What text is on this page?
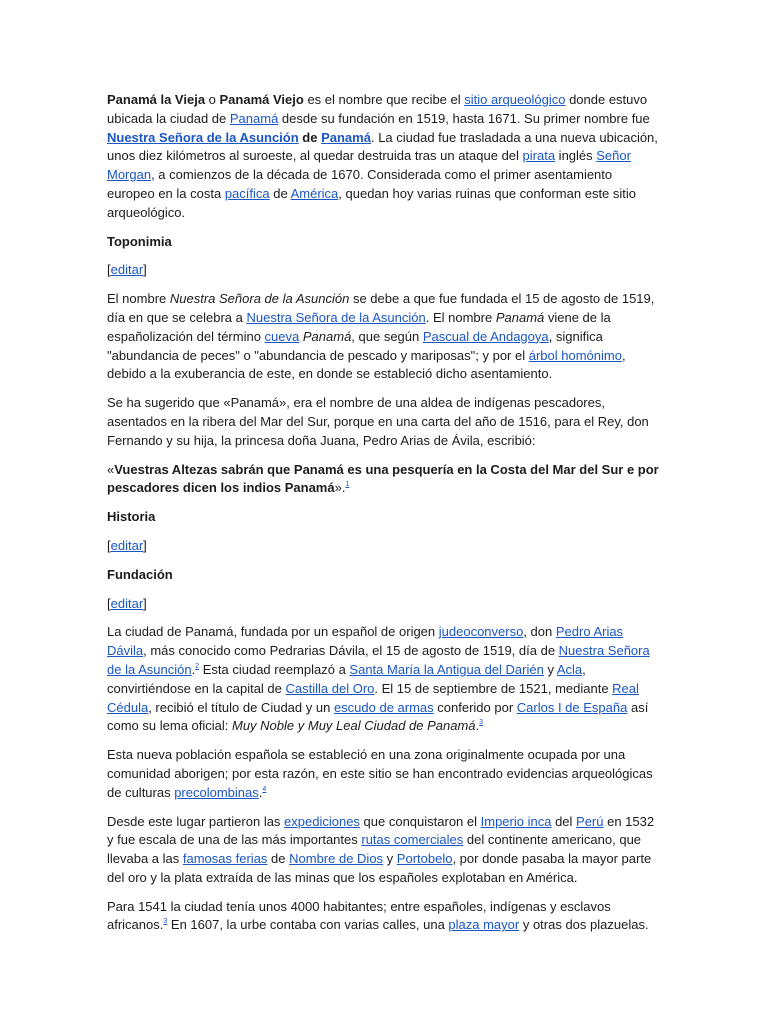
Panamá la Vieja o Panamá Viejo es el nombre que recibe el sitio arqueológico donde estuvo ubicada la ciudad de Panamá desde su fundación en 1519, hasta 1671. Su primer nombre fue Nuestra Señora de la Asunción de Panamá. La ciudad fue trasladada a una nueva ubicación, unos diez kilómetros al suroeste, al quedar destruida tras un ataque del pirata inglés Señor Morgan, a comienzos de la década de 1670. Considerada como el primer asentamiento europeo en la costa pacífica de América, quedan hoy varias ruinas que conforman este sitio arqueológico.

Toponimia

[editar]

El nombre Nuestra Señora de la Asunción se debe a que fue fundada el 15 de agosto de 1519, día en que se celebra a Nuestra Señora de la Asunción. El nombre Panamá viene de la españolización del término cueva Panamá, que según Pascual de Andagoya, significa "abundancia de peces" o "abundancia de pescado y mariposas"; y por el árbol homónimo, debido a la exuberancia de este, en donde se estableció dicho asentamiento.

Se ha sugerido que «Panamá», era el nombre de una aldea de indígenas pescadores, asentados en la ribera del Mar del Sur, porque en una carta del año de 1516, para el Rey, don Fernando y su hija, la princesa doña Juana, Pedro Arias de Ávila, escribió:

«Vuestras Altezas sabrán que Panamá es una pesquería en la Costa del Mar del Sur e por pescadores dicen los indios Panamá».$^1$

Historia

[editar]

Fundación

[editar]

La ciudad de Panamá, fundada por un español de origen judeoconverso, don Pedro Arias Dávila, más conocido como Pedrarias Dávila, el 15 de agosto de 1519, día de Nuestra Señora de la Asunción.$^2$ Esta ciudad reemplazó a Santa María la Antigua del Darién y Acla, convirtiéndose en la capital de Castilla del Oro. El 15 de septiembre de 1521, mediante Real Cédula, recibió el título de Ciudad y un escudo de armas conferido por Carlos I de España así como su lema oficial: Muy Noble y Muy Leal Ciudad de Panamá.$^3$

Esta nueva población española se estableció en una zona originalmente ocupada por una comunidad aborigen; por esta razón, en este sitio se han encontrado evidencias arqueológicas de culturas precolombinas.$^4$

Desde este lugar partieron las expediciones que conquistaron el Imperio inca del Perú en 1532 y fue escala de una de las más importantes rutas comerciales del continente americano, que llevaba a las famosas ferias de Nombre de Dios y Portobelo, por donde pasaba la mayor parte del oro y la plata extraída de las minas que los españoles explotaban en América.

Para 1541 la ciudad tenía unos 4000 habitantes; entre españoles, indígenas y esclavos africanos.$^3$ En 1607, la urbe contaba con varias calles, una plaza mayor y otras dos plazuelas.
